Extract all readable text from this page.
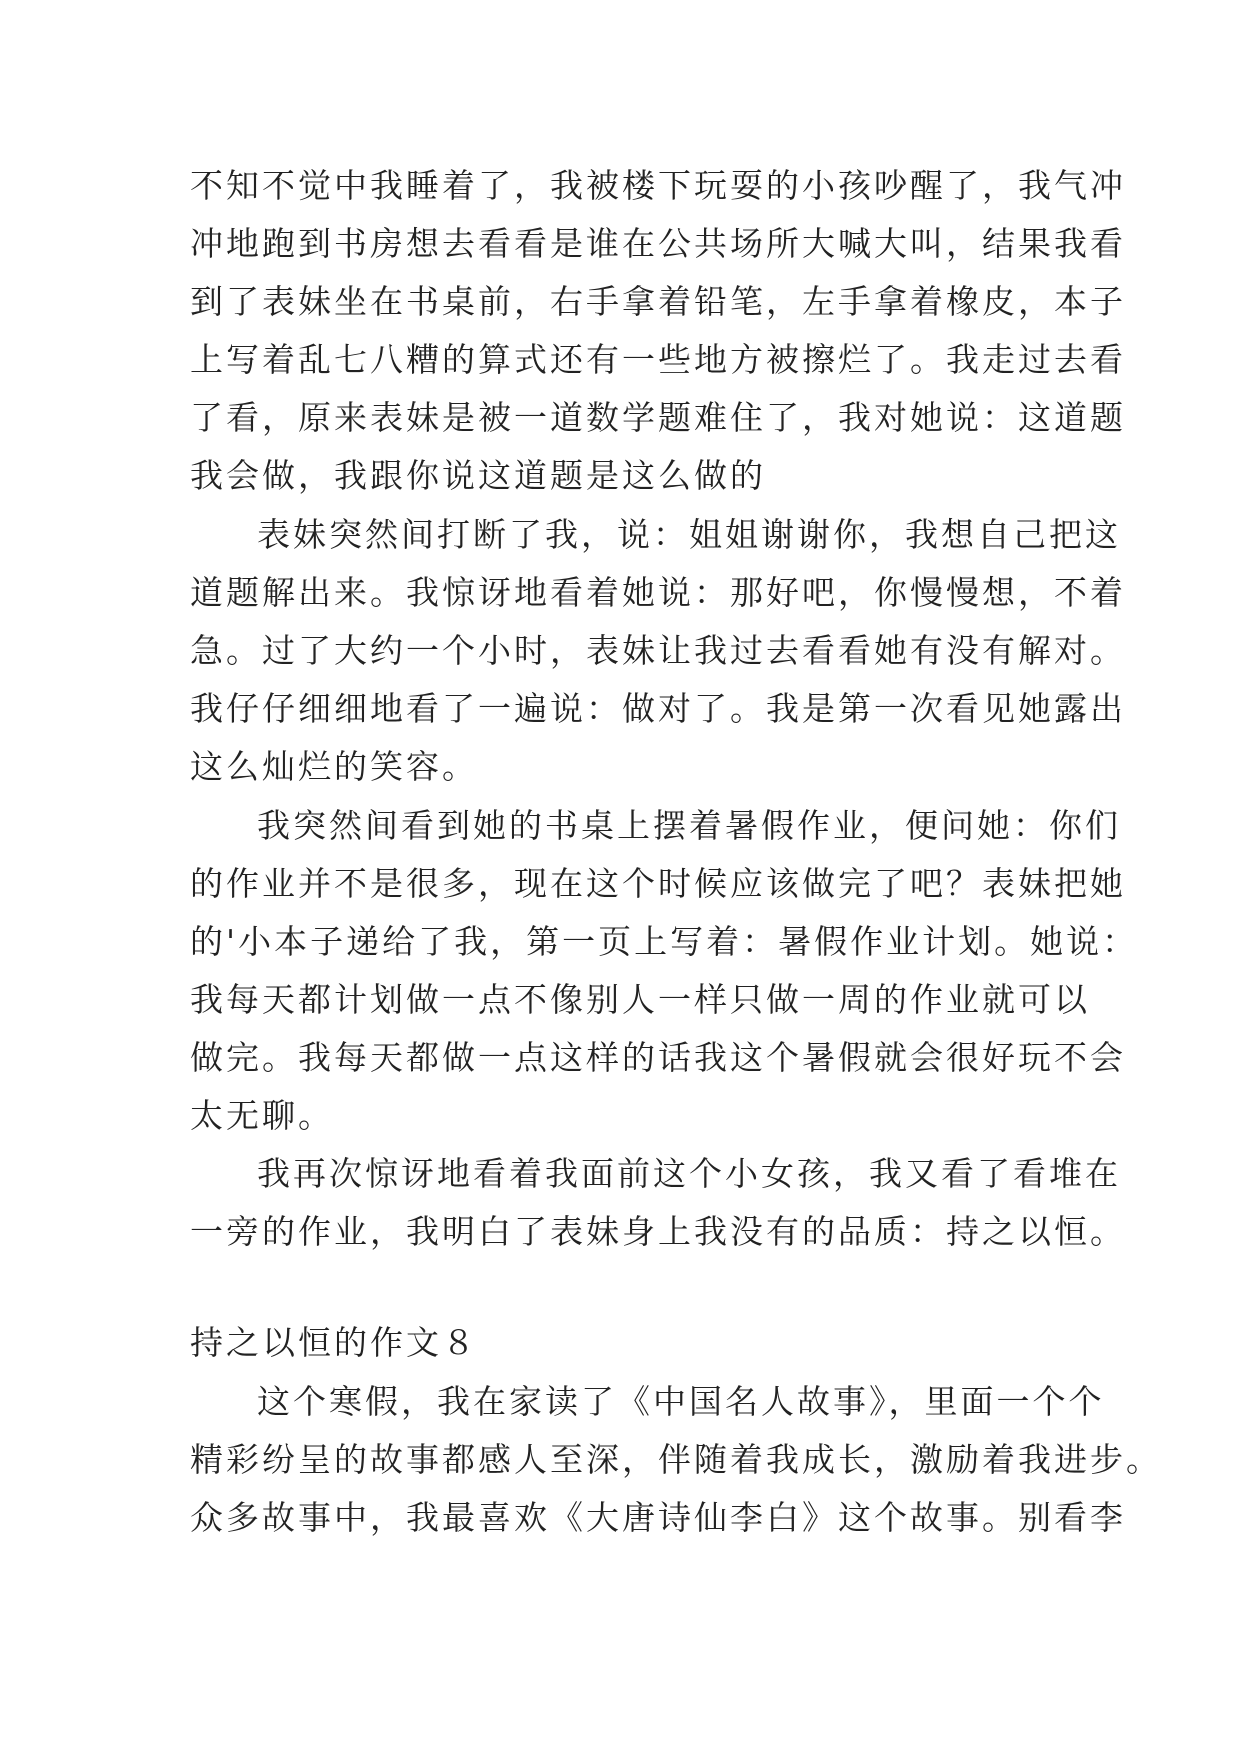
不知不觉中我睡着了，我被楼下玩耍的小孩吵醒了，我气冲
冲地跑到书房想去看看是谁在公共场所大喊大叫，结果我看
到了表妹坐在书桌前，右手拿着铅笔，左手拿着橡皮，本子
上写着乱七八糟的算式还有一些地方被擦烂了。我走过去看
了看，原来表妹是被一道数学题难住了，我对她说：这道题
我会做，我跟你说这道题是这么做的
表妹突然间打断了我，说：姐姐谢谢你，我想自己把这
道题解出来。我惊讶地看着她说：那好吧，你慢慢想，不着
急。过了大约一个小时，表妹让我过去看看她有没有解对。
我仔仔细细地看了一遍说：做对了。我是第一次看见她露出
这么灿烂的笑容。
我突然间看到她的书桌上摆着暑假作业，便问她：你们
的作业并不是很多，现在这个时候应该做完了吧？表妹把她
的'小本子递给了我，第一页上写着：暑假作业计划。她说：
我每天都计划做一点不像别人一样只做一周的作业就可以
做完。我每天都做一点这样的话我这个暑假就会很好玩不会
太无聊。
我再次惊讶地看着我面前这个小女孩，我又看了看堆在
一旁的作业，我明白了表妹身上我没有的品质：持之以恒。
持之以恒的作文８
这个寒假，我在家读了《中国名人故事》，里面一个个
精彩纷呈的故事都感人至深，伴随着我成长，激励着我进步。
众多故事中，我最喜欢《大唐诗仙李白》这个故事。别看李
